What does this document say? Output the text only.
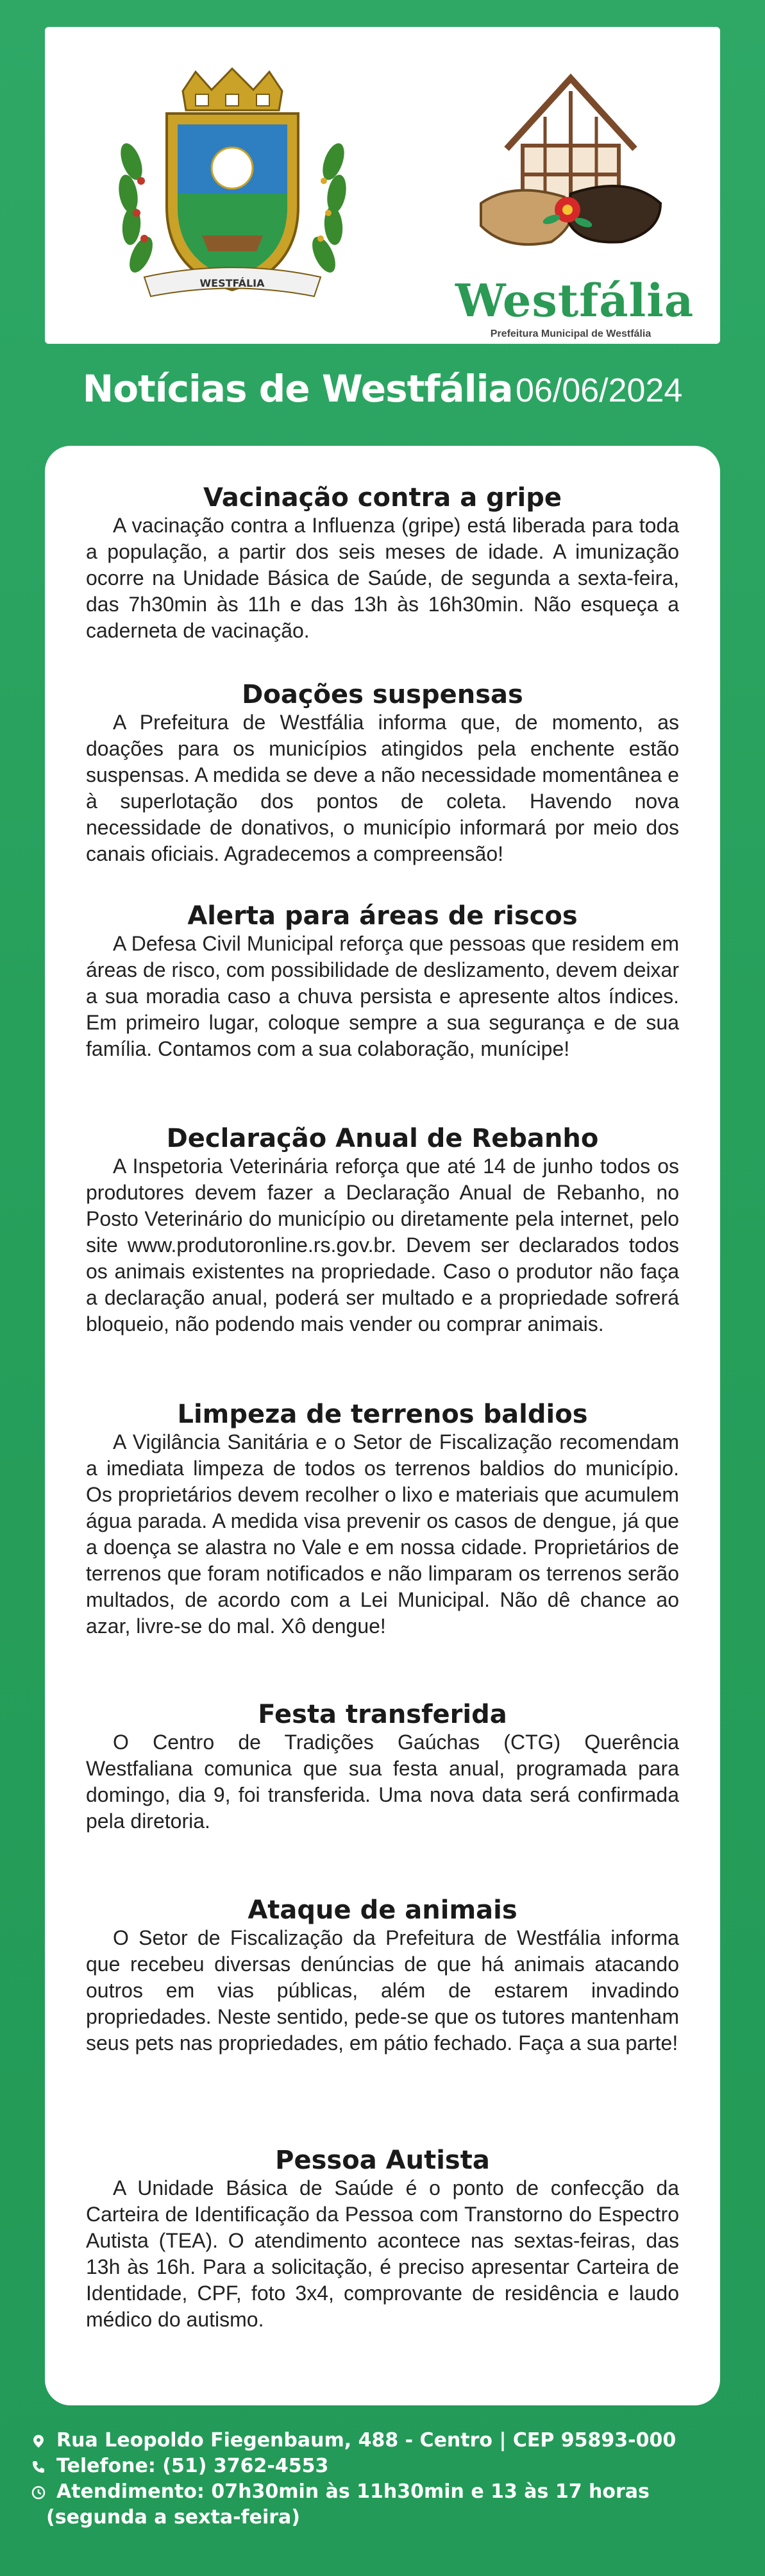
WESTFÁLIA	Westfália
Prefeitura Municipal de Westfália
Notícias de Westfália 06/06/2024
Vacinação contra a gripe

A vacinação contra a Influenza (gripe) está liberada para toda a população, a partir dos seis meses de idade. A imunização ocorre na Unidade Básica de Saúde, de segunda a sexta-feira, das 7h30min às 11h e das 13h às 16h30min. Não esqueça a caderneta de vacinação.

Doações suspensas

A Prefeitura de Westfália informa que, de momento, as doações para os municípios atingidos pela enchente estão suspensas. A medida se deve a não necessidade momentânea e à superlotação dos pontos de coleta. Havendo nova necessidade de donativos, o município informará por meio dos canais oficiais. Agradecemos a compreensão!

Alerta para áreas de riscos

A Defesa Civil Municipal reforça que pessoas que residem em áreas de risco, com possibilidade de deslizamento, devem deixar a sua moradia caso a chuva persista e apresente altos índices. Em primeiro lugar, coloque sempre a sua segurança e de sua família. Contamos com a sua colaboração, munícipe!

Declaração Anual de Rebanho

A Inspetoria Veterinária reforça que até 14 de junho todos os produtores devem fazer a Declaração Anual de Rebanho, no Posto Veterinário do município ou diretamente pela internet, pelo site www.produtoronline.rs.gov.br. Devem ser declarados todos os animais existentes na propriedade. Caso o produtor não faça a declaração anual, poderá ser multado e a propriedade sofrerá bloqueio, não podendo mais vender ou comprar animais.

Limpeza de terrenos baldios

A Vigilância Sanitária e o Setor de Fiscalização recomendam a imediata limpeza de todos os terrenos baldios do município. Os proprietários devem recolher o lixo e materiais que acumulem água parada. A medida visa prevenir os casos de dengue, já que a doença se alastra no Vale e em nossa cidade. Proprietários de terrenos que foram notificados e não limparam os terrenos serão multados, de acordo com a Lei Municipal. Não dê chance ao azar, livre-se do mal. Xô dengue!

Festa transferida

O Centro de Tradições Gaúchas (CTG) Querência Westfaliana comunica que sua festa anual, programada para domingo, dia 9, foi transferida. Uma nova data será confirmada pela diretoria.

Ataque de animais

O Setor de Fiscalização da Prefeitura de Westfália informa que recebeu diversas denúncias de que há animais atacando outros em vias públicas, além de estarem invadindo propriedades. Neste sentido, pede-se que os tutores mantenham seus pets nas propriedades, em pátio fechado. Faça a sua parte!

Pessoa Autista

A Unidade Básica de Saúde é o ponto de confecção da Carteira de Identificação da Pessoa com Transtorno do Espectro Autista (TEA). O atendimento acontece nas sextas-feiras, das 13h às 16h. Para a solicitação, é preciso apresentar Carteira de Identidade, CPF, foto 3x4, comprovante de residência e laudo médico do autismo.

Rua Leopoldo Fiegenbaum, 488 - Centro | CEP 95893-000
Telefone: (51) 3762-4553
Atendimento: 07h30min às 11h30min e 13 às 17 horas
(segunda a sexta-feira)
